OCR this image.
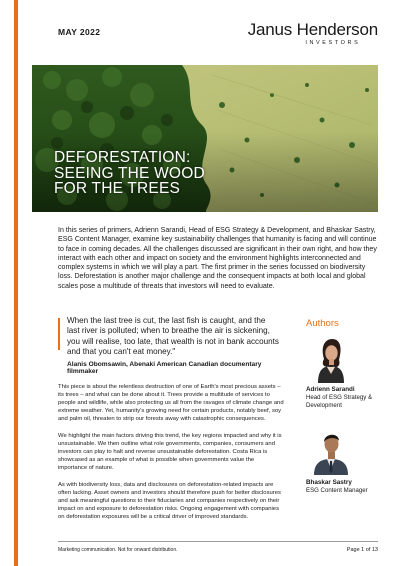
MAY 2022	Janus Henderson
INVESTORS
DEFORESTATION:
SEEING THE WOOD
FOR THE TREES

In this series of primers, Adrienn Sarandi, Head of ESG Strategy & Development, and Bhaskar Sastry, ESG Content Manager, examine key sustainability challenges that humanity is facing and will continue to face in coming decades. All the challenges discussed are significant in their own right, and how they interact with each other and impact on society and the environment highlights interconnected and complex systems in which we will play a part. The first primer in the series focussed on biodiversity loss. Deforestation is another major challenge and the consequent impacts at both local and global scales pose a multitude of threats that investors will need to evaluate.

When the last tree is cut, the last fish is caught, and the last river is polluted; when to breathe the air is sickening, you will realise, too late, that wealth is not in bank accounts and that you can't eat money."

Alanis Obomsawin, Abenaki American Canadian documentary filmmaker

This piece is about the relentless destruction of one of Earth's most precious assets – its trees – and what can be done about it. Trees provide a multitude of services to people and wildlife, while also protecting us all from the ravages of climate change and extreme weather. Yet, humanity's growing need for certain products, notably beef, soy and palm oil, threaten to strip our forests away with catastrophic consequences.

We highlight the main factors driving this trend, the key regions impacted and why it is unsustainable. We then outline what role governments, companies, consumers and investors can play to halt and reverse unsustainable deforestation. Costa Rica is showcased as an example of what is possible when governments value the importance of nature.

As with biodiversity loss, data and disclosures on deforestation-related impacts are often lacking. Asset owners and investors should therefore push for better disclosures and ask meaningful questions to their fiduciaries and companies respectively on their impact on and exposure to deforestation risks. Ongoing engagement with companies on deforestation exposures will be a critical driver of improved standards.

Authors
Adrienn Sarandi
Head of ESG Strategy & Development
Bhaskar Sastry
ESG Content Manager
Marketing communication. Not for onward distribution.	Page 1 of 13
